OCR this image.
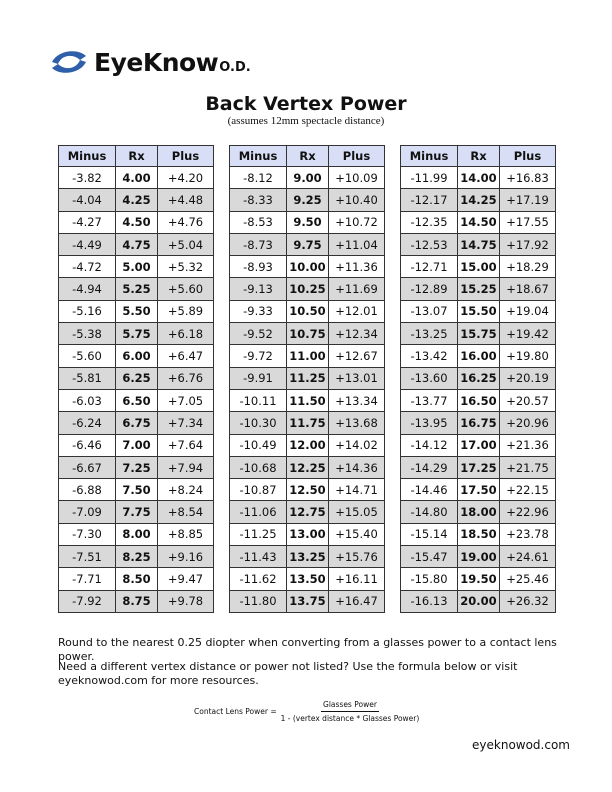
EyeKnow O.D.
Back Vertex Power
(assumes 12mm spectacle distance)
Minus	Rx	Plus
-3.82	4.00	+4.20
-4.04	4.25	+4.48
-4.27	4.50	+4.76
-4.49	4.75	+5.04
-4.72	5.00	+5.32
-4.94	5.25	+5.60
-5.16	5.50	+5.89
-5.38	5.75	+6.18
-5.60	6.00	+6.47
-5.81	6.25	+6.76
-6.03	6.50	+7.05
-6.24	6.75	+7.34
-6.46	7.00	+7.64
-6.67	7.25	+7.94
-6.88	7.50	+8.24
-7.09	7.75	+8.54
-7.30	8.00	+8.85
-7.51	8.25	+9.16
-7.71	8.50	+9.47
-7.92	8.75	+9.78
Minus	Rx	Plus
-8.12	9.00	+10.09
-8.33	9.25	+10.40
-8.53	9.50	+10.72
-8.73	9.75	+11.04
-8.93	10.00	+11.36
-9.13	10.25	+11.69
-9.33	10.50	+12.01
-9.52	10.75	+12.34
-9.72	11.00	+12.67
-9.91	11.25	+13.01
-10.11	11.50	+13.34
-10.30	11.75	+13.68
-10.49	12.00	+14.02
-10.68	12.25	+14.36
-10.87	12.50	+14.71
-11.06	12.75	+15.05
-11.25	13.00	+15.40
-11.43	13.25	+15.76
-11.62	13.50	+16.11
-11.80	13.75	+16.47
Minus	Rx	Plus
-11.99	14.00	+16.83
-12.17	14.25	+17.19
-12.35	14.50	+17.55
-12.53	14.75	+17.92
-12.71	15.00	+18.29
-12.89	15.25	+18.67
-13.07	15.50	+19.04
-13.25	15.75	+19.42
-13.42	16.00	+19.80
-13.60	16.25	+20.19
-13.77	16.50	+20.57
-13.95	16.75	+20.96
-14.12	17.00	+21.36
-14.29	17.25	+21.75
-14.46	17.50	+22.15
-14.80	18.00	+22.96
-15.14	18.50	+23.78
-15.47	19.00	+24.61
-15.80	19.50	+25.46
-16.13	20.00	+26.32
Round to the nearest 0.25 diopter when converting from a glasses power to a contact lens power.
Need a different vertex distance or power not listed? Use the formula below or visit eyeknowod.com for more resources.
Contact Lens Power = $\frac{\text{Glasses Power}}{\text{1 - (vertex distance * Glasses Power)}}$
eyeknowod.com
